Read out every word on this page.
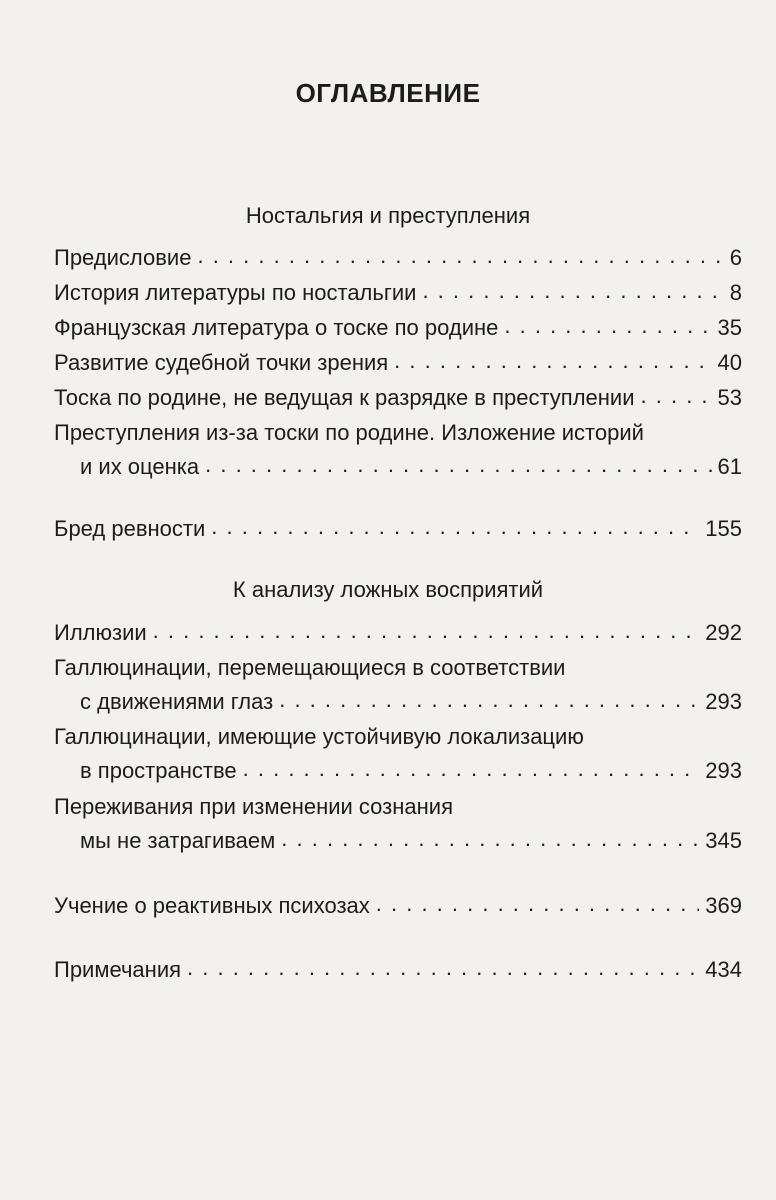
ОГЛАВЛЕНИЕ
Ностальгия и преступления
Предисловие . . .	6
История литературы по ностальгии . . .	8
Французская литература о тоске по родине . . .	35
Развитие судебной точки зрения . . .	40
Тоска по родине, не ведущая к разрядке в преступлении . . .	53
Преступления из-за тоски по родине. Изложение историй
и их оценка . . .	61
Бред ревности . . .	155
К анализу ложных восприятий
Иллюзии . . .	292
Галлюцинации, перемещающиеся в соответствии
с движениями глаз . . .	293
Галлюцинации, имеющие устойчивую локализацию
в пространстве . . .	293
Переживания при изменении сознания
мы не затрагиваем . . .	345
Учение о реактивных психозах . . .	369
Примечания . . .	434
